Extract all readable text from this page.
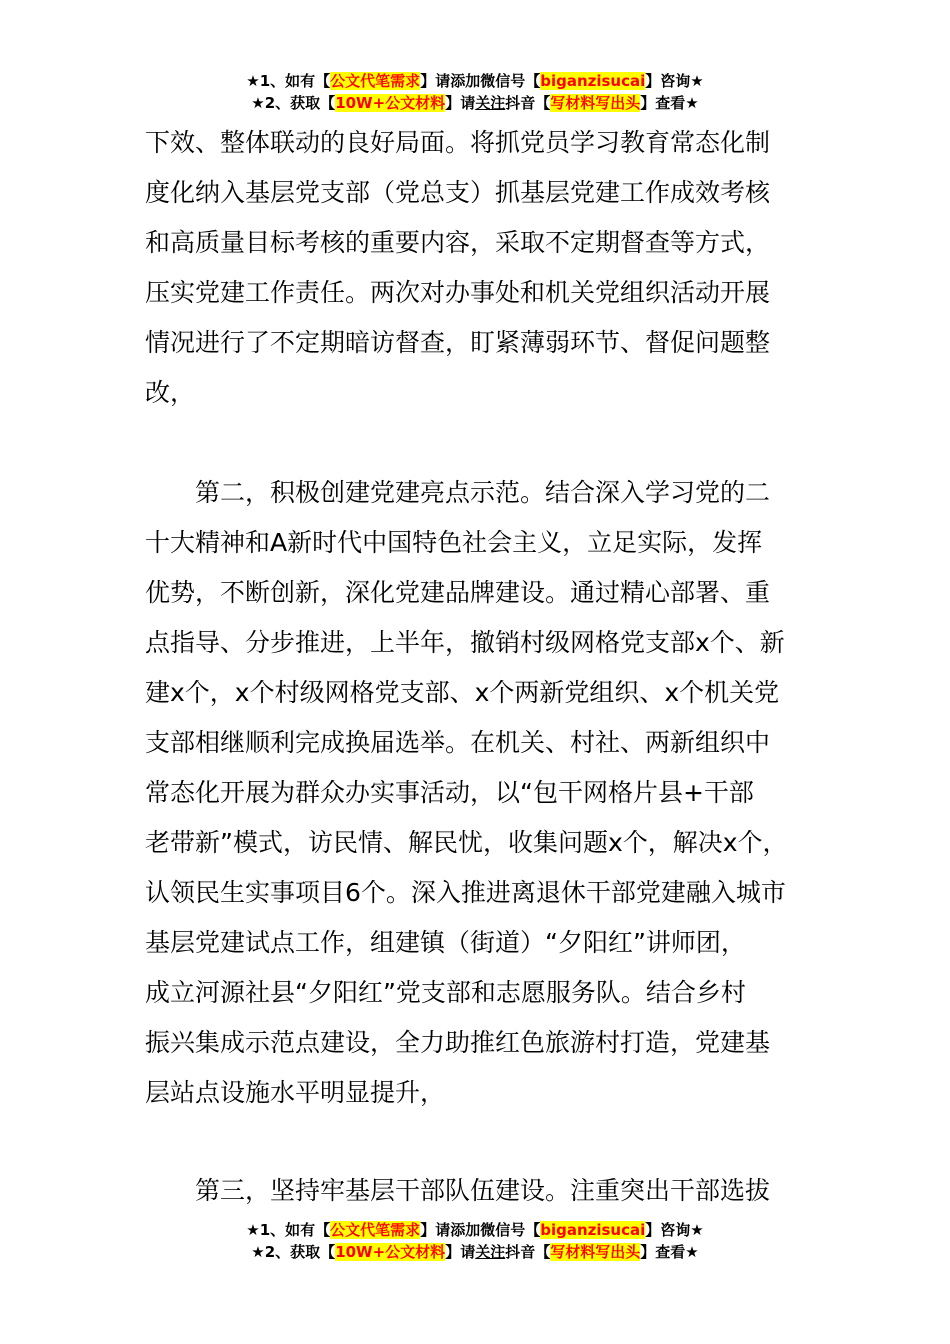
★1、如有【公文代笔需求】请添加微信号【biganzisucai】咨询★
★2、获取【10W+公文材料】请关注抖音【写材料写出头】查看★
下效、整体联动的良好局面。将抓党员学习教育常态化制
度化纳入基层党支部（党总支）抓基层党建工作成效考核
和高质量目标考核的重要内容，采取不定期督查等方式，
压实党建工作责任。两次对办事处和机关党组织活动开展
情况进行了不定期暗访督查，盯紧薄弱环节、督促问题整
改，
第二，积极创建党建亮点示范。结合深入学习党的二
十大精神和A新时代中国特色社会主义，立足实际，发挥
优势，不断创新，深化党建品牌建设。通过精心部署、重
点指导、分步推进，上半年，撤销村级网格党支部x个、新
建x个，x个村级网格党支部、x个两新党组织、x个机关党
支部相继顺利完成换届选举。在机关、村社、两新组织中
常态化开展为群众办实事活动，以“包干网格片县+干部
老带新”模式，访民情、解民忧，收集问题x个，解决x个，
认领民生实事项目6个。深入推进离退休干部党建融入城市
基层党建试点工作，组建镇（街道）“夕阳红”讲师团，
成立河源社县“夕阳红”党支部和志愿服务队。结合乡村
振兴集成示范点建设，全力助推红色旅游村打造，党建基
层站点设施水平明显提升，
第三，坚持牢基层干部队伍建设。注重突出干部选拔
★1、如有【公文代笔需求】请添加微信号【biganzisucai】咨询★
★2、获取【10W+公文材料】请关注抖音【写材料写出头】查看★
